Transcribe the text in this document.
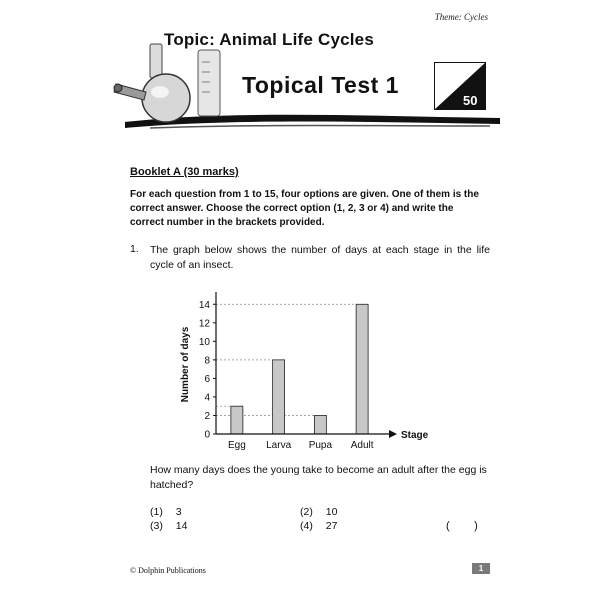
Theme: Cycles
Topic: Animal Life Cycles
Topical Test 1
50
Booklet A (30 marks)
For each question from 1 to 15, four options are given. One of them is the correct answer. Choose the correct option (1, 2, 3 or 4) and write the correct number in the brackets provided.
1. The graph below shows the number of days at each stage in the life cycle of an insect.
0
2
4
6
8
10
12
14
Egg Larva Pupa Adult
Stage
Number of days
How many days does the young take to become an adult after the egg is hatched?
(1) 3	(2) 10
(3) 14	(4) 27	(        )
© Dolphin Publications	1
